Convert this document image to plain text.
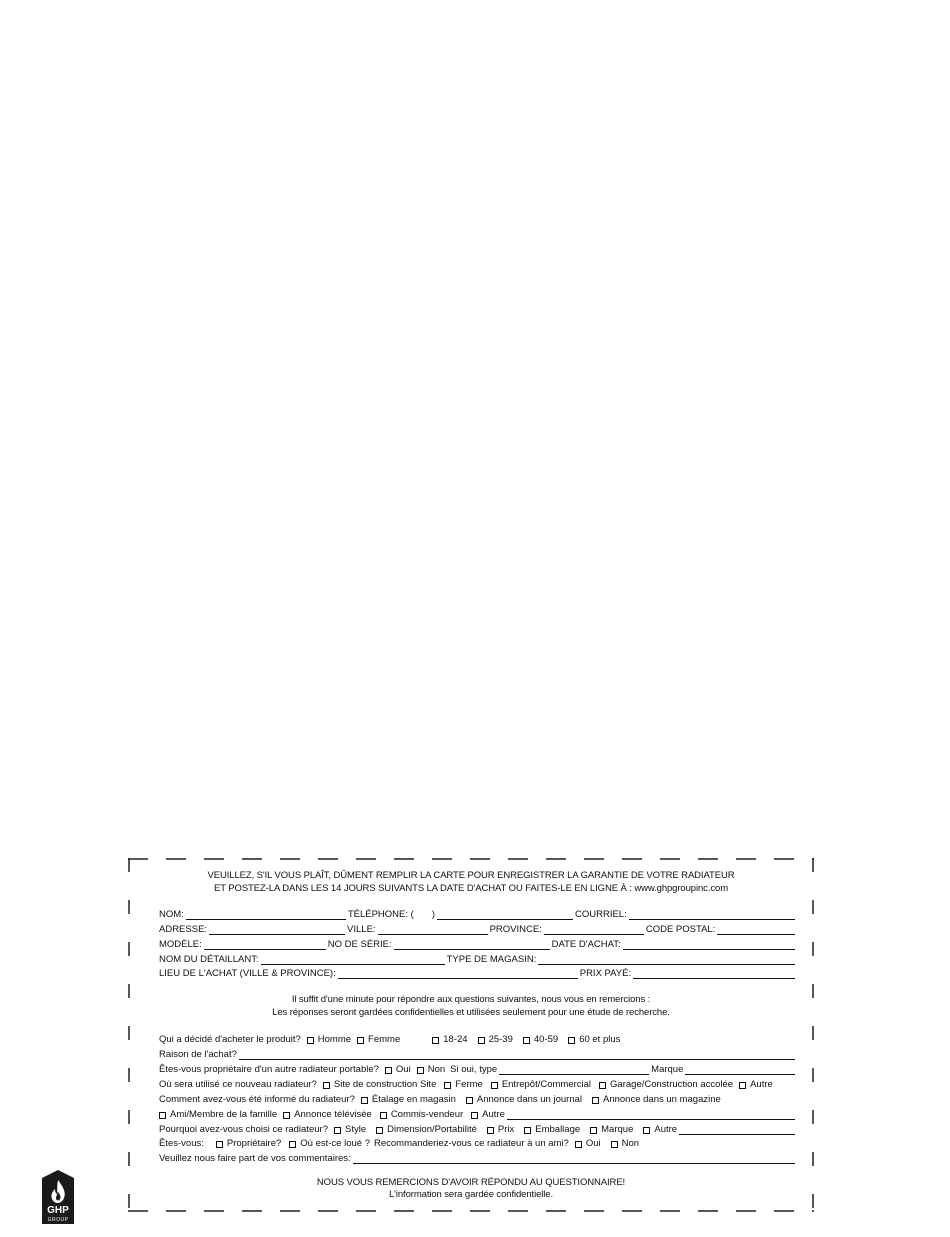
VEUILLEZ, S'IL VOUS PLAÎT, DÛMENT REMPLIR LA CARTE POUR ENREGISTRER LA GARANTIE DE VOTRE RADIATEUR
ET POSTEZ-LA DANS LES 14 JOURS SUIVANTS LA DATE D'ACHAT OU FAITES-LE EN LIGNE À : www.ghpgroupinc.com
NOM:	TÉLÉPHONE: ( )	COURRIEL:
ADRESSE:	VILLE:	PROVINCE:	CODE POSTAL:
MODÈLE:	NO DE SÉRIE:	DATE D'ACHAT:
NOM DU DÉTAILLANT:	TYPE DE MAGASIN:
LIEU DE L'ACHAT (VILLE & PROVINCE):	PRIX PAYÉ:
Il suffit d'une minute pour répondre aux questions suivantes, nous vous en remercions :
Les réponses seront gardées confidentielles et utilisées seulement pour une étude de recherche.
Qui a décidé d'acheter le produit? Homme Femme	18-24 25-39 40-59 60 et plus
Raison de l'achat?
Êtes-vous propriétaire d'un autre radiateur portable? Oui Non Si oui, type	Marque
Où sera utilisé ce nouveau radiateur? Site de construction Site Ferme Entrepôt/Commercial Garage/Construction accolée Autre
Comment avez-vous été informé du radiateur? Étalage en magasin Annonce dans un journal Annonce dans un magazine
Ami/Membre de la famille Annonce télévisée Commis-vendeur Autre
Pourquoi avez-vous choisi ce radiateur? Style Dimension/Portabilité Prix Emballage Marque Autre
Êtes-vous: Propriétaire? Où est-ce loué ? Recommanderiez-vous ce radiateur à un ami? Oui Non
Veuillez nous faire part de vos commentaires:
NOUS VOUS REMERCIONS D'AVOIR RÉPONDU AU QUESTIONNAIRE!
L'information sera gardée confidentielle.
GHP
GROUP
